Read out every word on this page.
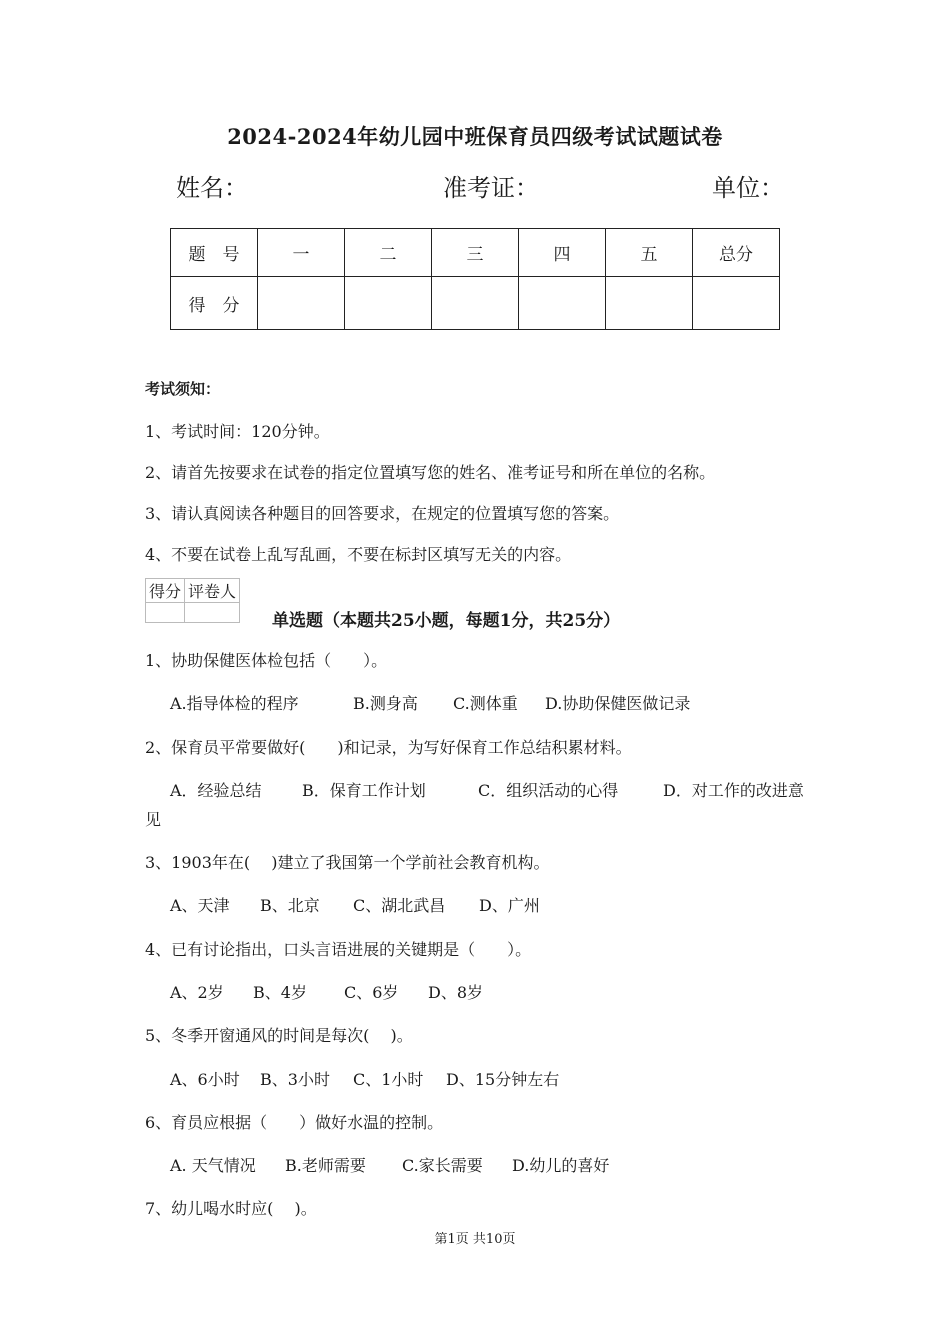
2024-2024年幼儿园中班保育员四级考试试题试卷
姓名：	准考证：	单位：
题　号	一	二	三	四	五	总分
得　分						
考试须知：
1、考试时间：120分钟。
2、请首先按要求在试卷的指定位置填写您的姓名、准考证号和所在单位的名称。
3、请认真阅读各种题目的回答要求，在规定的位置填写您的答案。
4、不要在试卷上乱写乱画，不要在标封区填写无关的内容。
得分	评卷人

单选题（本题共25小题，每题1分，共25分）
1、协助保健医体检包括（　　）。
A.指导体检的程序	B.测身高 C.测体重 D.协助保健医做记录
2、保育员平常要做好(　　)和记录，为写好保育工作总结积累材料。
A．经验总结	B．保育工作计划	C．组织活动的心得	D．对工作的改进意
见
3、1903年在(　 )建立了我国第一个学前社会教育机构。
A、天津 B、北京 C、湖北武昌 D、广州
4、已有讨论指出，口头言语进展的关键期是（　　）。
A、2岁 B、4岁 C、6岁 D、8岁
5、冬季开窗通风的时间是每次(　 )。
A、6小时 B、3小时 C、1小时 D、15分钟左右
6、育员应根据（　　）做好水温的控制。
A. 天气情况 B.老师需要 C.家长需要 D.幼儿的喜好
7、幼儿喝水时应(　 )。
第1页 共10页
